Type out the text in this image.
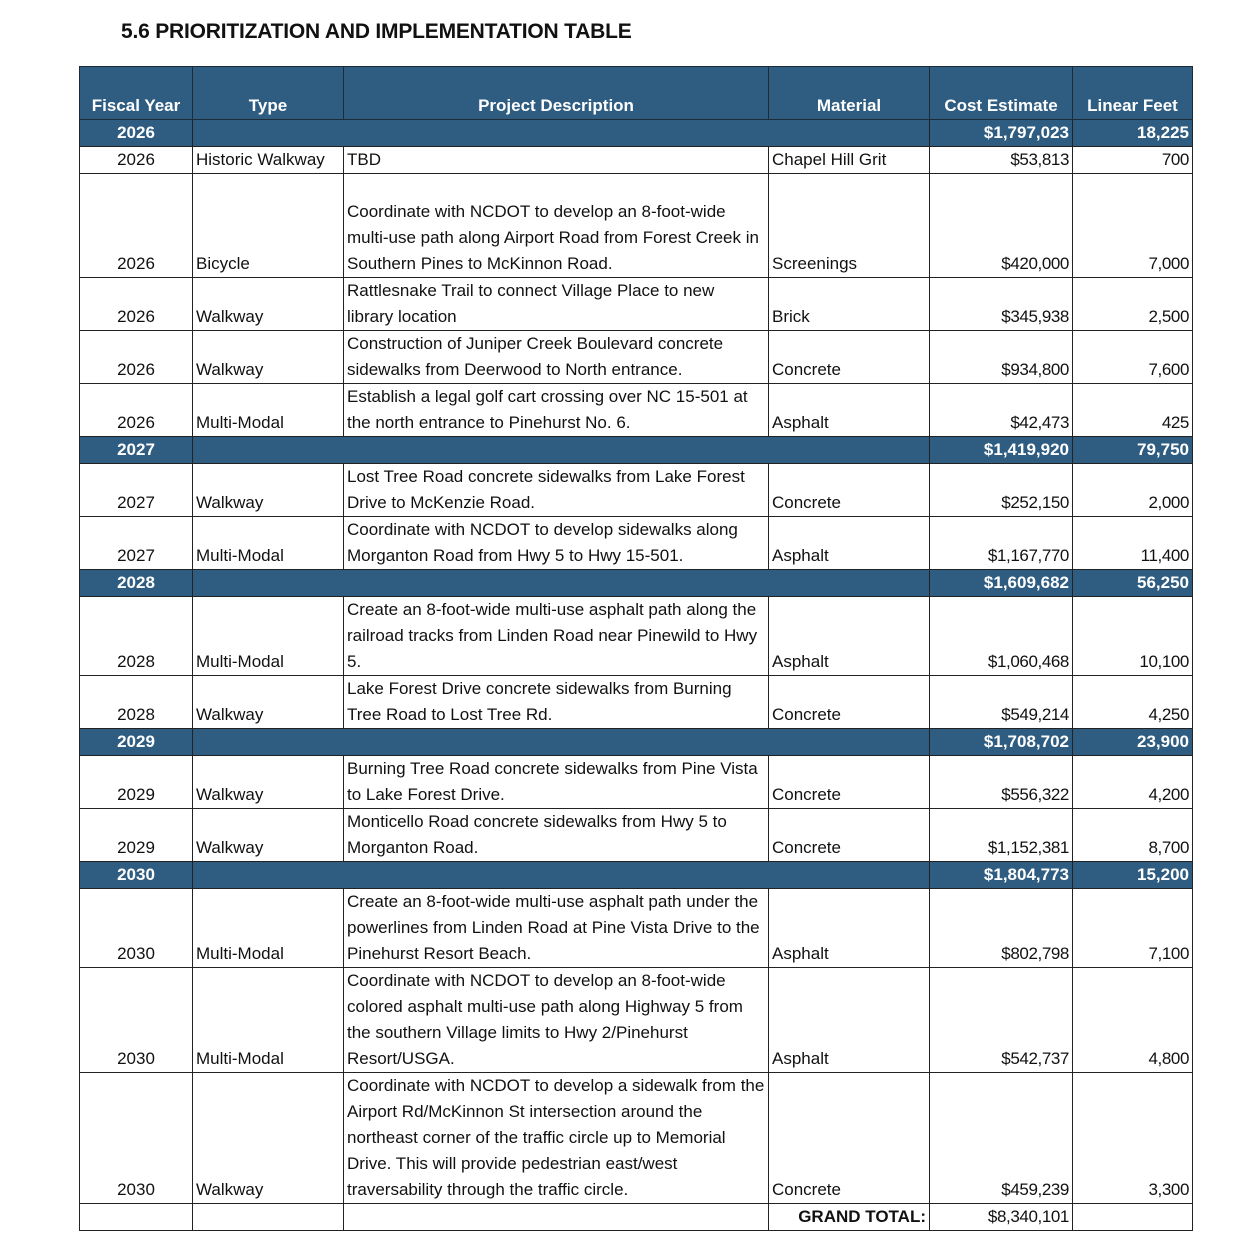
5.6 PRIORITIZATION AND IMPLEMENTATION TABLE
Fiscal Year	Type	Project Description	Material	Cost Estimate	Linear Feet
2026				$1,797,023	18,225
2026	Historic Walkway	TBD	Chapel Hill Grit	$53,813	700
2026	Bicycle	Coordinate with NCDOT to develop an 8-foot-wide multi-use path along Airport Road from Forest Creek in Southern Pines to McKinnon Road.	Screenings	$420,000	7,000
2026	Walkway	Rattlesnake Trail to connect Village Place to new library location	Brick	$345,938	2,500
2026	Walkway	Construction of Juniper Creek Boulevard concrete sidewalks from Deerwood to North entrance.	Concrete	$934,800	7,600
2026	Multi-Modal	Establish a legal golf cart crossing over NC 15-501 at the north entrance to Pinehurst No. 6.	Asphalt	$42,473	425
2027				$1,419,920	79,750
2027	Walkway	Lost Tree Road concrete sidewalks from Lake Forest Drive to McKenzie Road.	Concrete	$252,150	2,000
2027	Multi-Modal	Coordinate with NCDOT to develop sidewalks along Morganton Road from Hwy 5 to Hwy 15-501.	Asphalt	$1,167,770	11,400
2028				$1,609,682	56,250
2028	Multi-Modal	Create an 8-foot-wide multi-use asphalt path along the railroad tracks from Linden Road near Pinewild to Hwy 5.	Asphalt	$1,060,468	10,100
2028	Walkway	Lake Forest Drive concrete sidewalks from Burning Tree Road to Lost Tree Rd.	Concrete	$549,214	4,250
2029				$1,708,702	23,900
2029	Walkway	Burning Tree Road concrete sidewalks from Pine Vista to Lake Forest Drive.	Concrete	$556,322	4,200
2029	Walkway	Monticello Road concrete sidewalks from Hwy 5 to Morganton Road.	Concrete	$1,152,381	8,700
2030				$1,804,773	15,200
2030	Multi-Modal	Create an 8-foot-wide multi-use asphalt path under the powerlines from Linden Road at Pine Vista Drive to the Pinehurst Resort Beach.	Asphalt	$802,798	7,100
2030	Multi-Modal	Coordinate with NCDOT to develop an 8-foot-wide colored asphalt multi-use path along Highway 5 from the southern Village limits to Hwy 2/Pinehurst Resort/USGA.	Asphalt	$542,737	4,800
2030	Walkway	Coordinate with NCDOT to develop a sidewalk from the Airport Rd/McKinnon St intersection around the northeast corner of the traffic circle up to Memorial Drive. This will provide pedestrian east/west traversability through the traffic circle.	Concrete	$459,239	3,300
			GRAND TOTAL:	$8,340,101	
